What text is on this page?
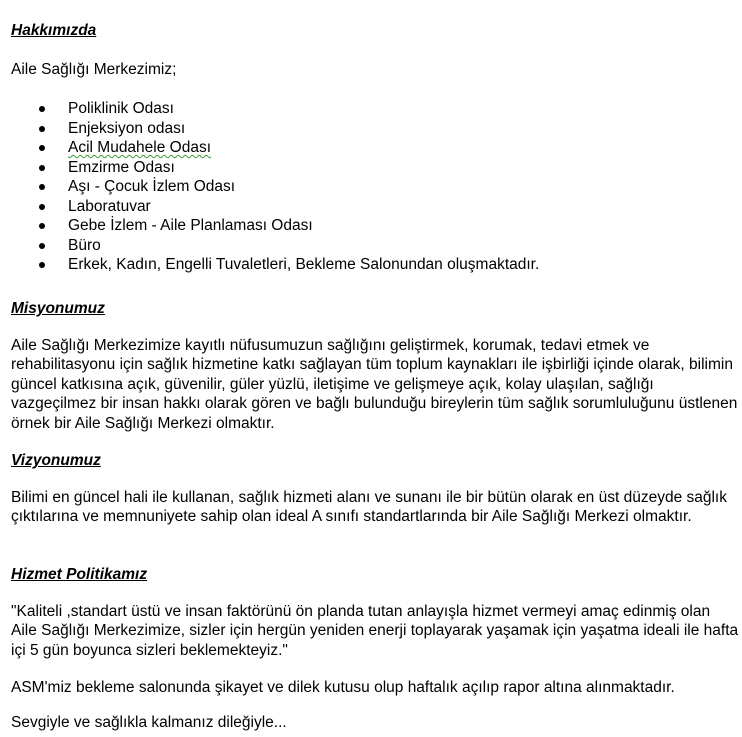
Hakkımızda

Aile Sağlığı Merkezimiz;

Poliklinik Odası
Enjeksiyon odası
Acil Mudahele Odası
Emzirme Odası
Aşı - Çocuk İzlem Odası
Laboratuvar
Gebe İzlem - Aile Planlaması Odası
Büro
Erkek, Kadın, Engelli Tuvaletleri, Bekleme Salonundan oluşmaktadır.
Misyonumuz

Aile Sağlığı Merkezimize kayıtlı nüfusumuzun sağlığını geliştirmek, korumak, tedavi etmek ve rehabilitasyonu için sağlık hizmetine katkı sağlayan tüm toplum kaynakları ile işbirliği içinde olarak, bilimin güncel katkısına açık, güvenilir, güler yüzlü, iletişime ve gelişmeye açık, kolay ulaşılan, sağlığı vazgeçilmez bir insan hakkı olarak gören ve bağlı bulunduğu bireylerin tüm sağlık sorumluluğunu üstlenen örnek bir Aile Sağlığı Merkezi olmaktır.

Vizyonumuz

Bilimi en güncel hali ile kullanan, sağlık hizmeti alanı ve sunanı ile bir bütün olarak en üst düzeyde sağlık çıktılarına ve memnuniyete sahip olan ideal A sınıfı standartlarında bir Aile Sağlığı Merkezi olmaktır.

Hizmet Politikamız

"Kaliteli ,standart üstü ve insan faktörünü ön planda tutan anlayışla hizmet vermeyi amaç edinmiş olan Aile Sağlığı Merkezimize, sizler için hergün yeniden enerji toplayarak yaşamak için yaşatma ideali ile hafta içi 5 gün boyunca sizleri beklemekteyiz."

ASM'miz bekleme salonunda şikayet ve dilek kutusu olup haftalık açılıp rapor altına alınmaktadır.

Sevgiyle ve sağlıkla kalmanız dileğiyle...
